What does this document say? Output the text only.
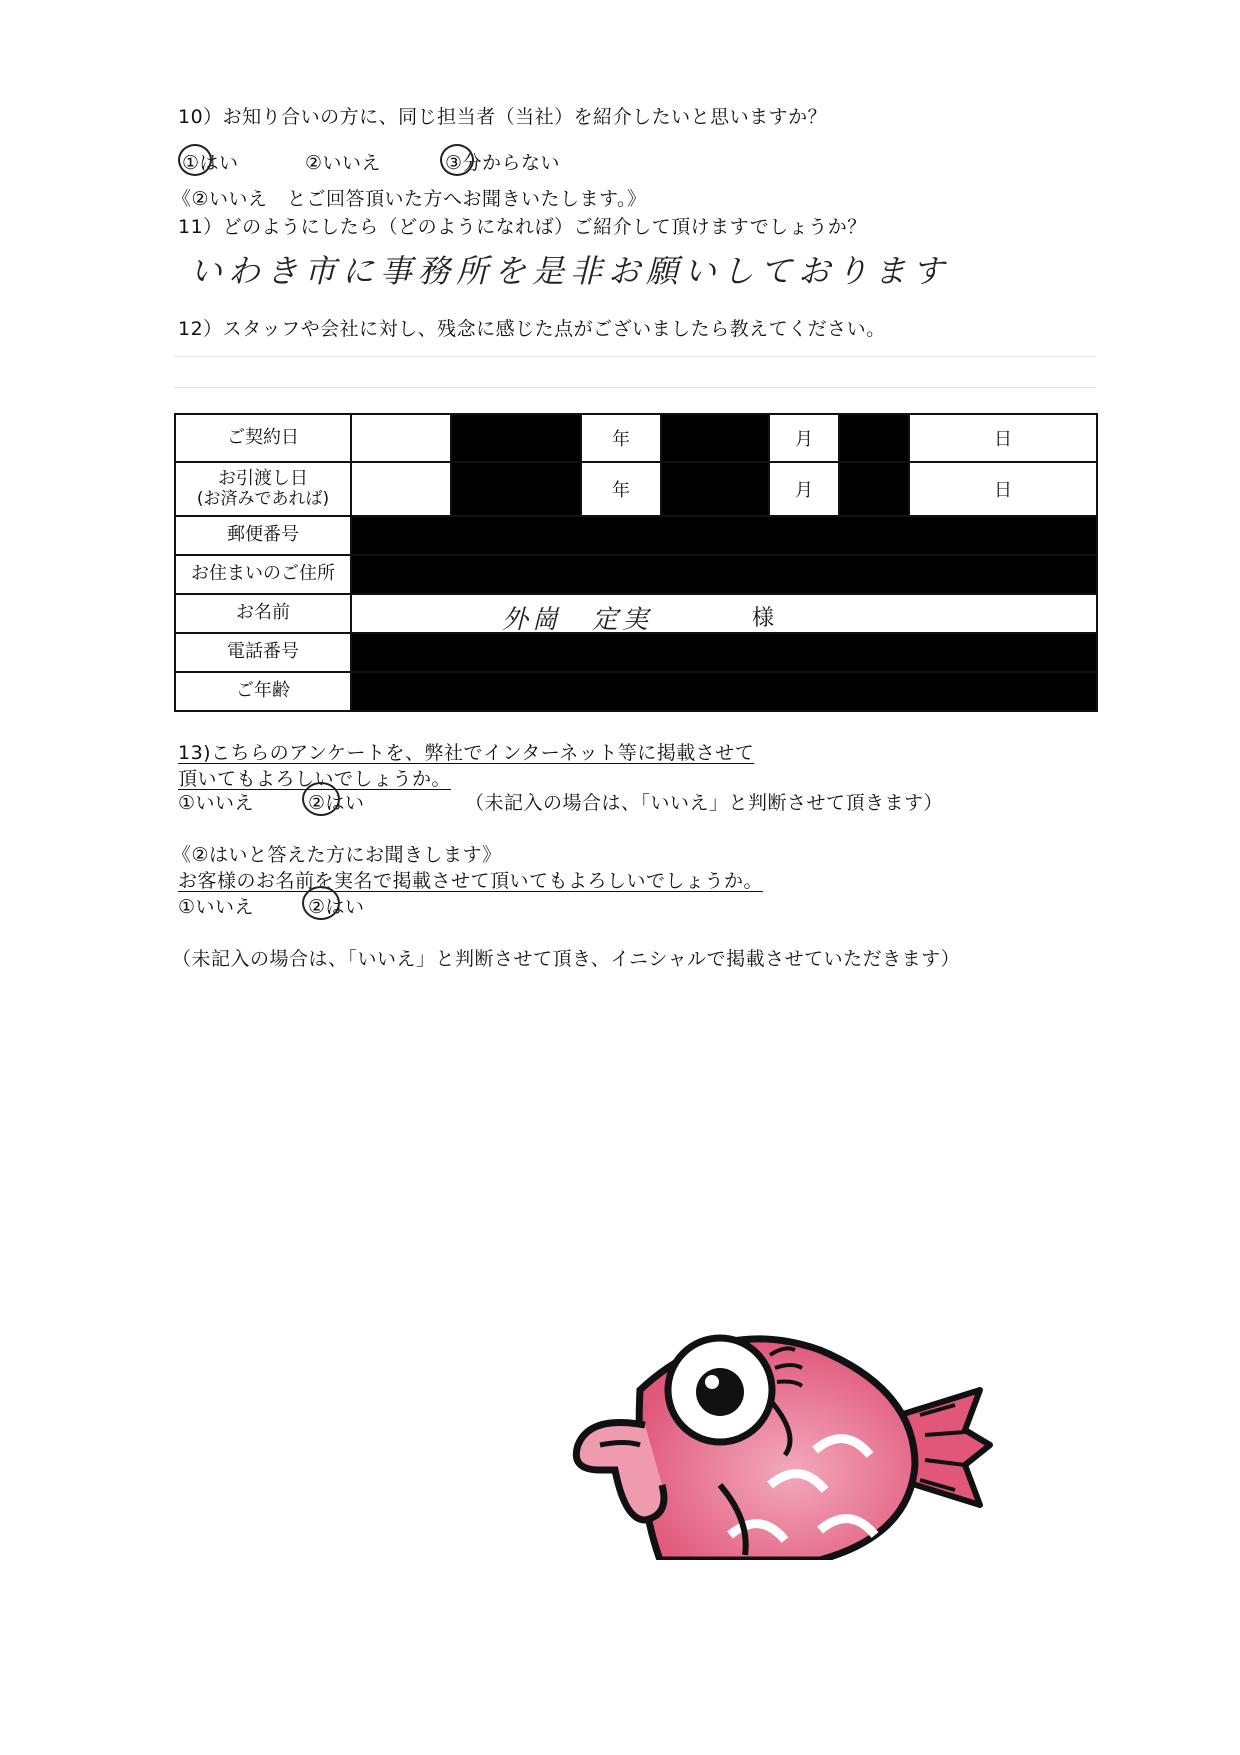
10）お知り合いの方に、同じ担当者（当社）を紹介したいと思いますか？
①はい	②いいえ	③分からない
《②いいえ　とご回答頂いた方へお聞きいたします。》
11）どのようにしたら（どのようになれば）ご紹介して頂けますでしょうか？
いわき市に事務所を是非お願いしております
12）スタッフや会社に対し、残念に感じた点がございましたら教えてください。
ご契約日			年		月		日

お引渡し日
(お済みであれば)			年		月		日
郵便番号							
お住まいのご住所							
お名前	外崗　定実 様						

電話番号							
ご年齢							
13)こちらのアンケートを、弊社でインターネット等に掲載させて
頂いてもよろしいでしょうか。
①いいえ	②はい	（未記入の場合は、「いいえ」と判断させて頂きます）
《②はいと答えた方にお聞きします》
お客様のお名前を実名で掲載させて頂いてもよろしいでしょうか。
①いいえ	②はい
（未記入の場合は、「いいえ」と判断させて頂き、イニシャルで掲載させていただきます）
